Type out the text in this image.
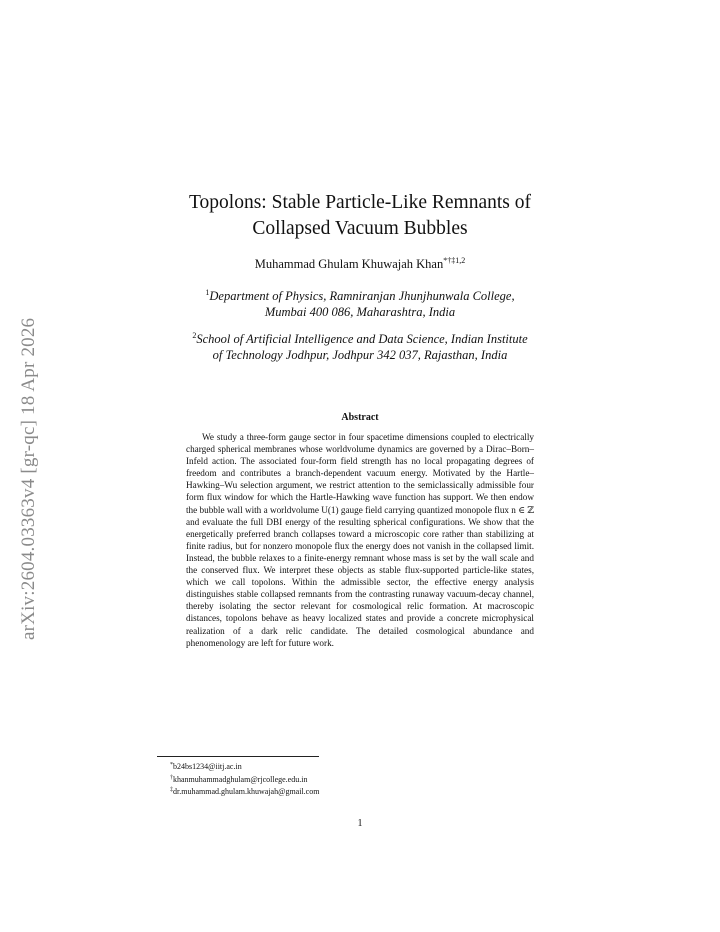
arXiv:2604.03363v4 [gr-qc] 18 Apr 2026
Topolons: Stable Particle-Like Remnants of
Collapsed Vacuum Bubbles
Muhammad Ghulam Khuwajah Khan$^{*\dagger\ddagger 1,2}$
$^1$Department of Physics, Ramniranjan Jhunjhunwala College,
Mumbai 400 086, Maharashtra, India
$^2$School of Artificial Intelligence and Data Science, Indian Institute
of Technology Jodhpur, Jodhpur 342 037, Rajasthan, India
Abstract
We study a three-form gauge sector in four spacetime dimensions coupled to electrically charged spherical membranes whose worldvolume dynamics are governed by a Dirac–Born–Infeld action. The associated four-form field strength has no local propagating degrees of freedom and contributes a branch-dependent vacuum energy. Motivated by the Hartle–Hawking–Wu selection argument, we restrict attention to the semiclassically admissible four form flux window for which the Hartle-Hawking wave function has support. We then endow the bubble wall with a worldvolume U(1) gauge field carrying quantized monopole flux n ∈ ℤ and evaluate the full DBI energy of the resulting spherical configurations. We show that the energetically preferred branch collapses toward a microscopic core rather than stabilizing at finite radius, but for nonzero monopole flux the energy does not vanish in the collapsed limit. Instead, the bubble relaxes to a finite-energy remnant whose mass is set by the wall scale and the conserved flux. We interpret these objects as stable flux-supported particle-like states, which we call topolons. Within the admissible sector, the effective energy analysis distinguishes stable collapsed remnants from the contrasting runaway vacuum-decay channel, thereby isolating the sector relevant for cosmological relic formation. At macroscopic distances, topolons behave as heavy localized states and provide a concrete microphysical realization of a dark relic candidate. The detailed cosmological abundance and phenomenology are left for future work.
*b24bs1234@iitj.ac.in
†khanmuhammadghulam@rjcollege.edu.in
‡dr.muhammad.ghulam.khuwajah@gmail.com
1
